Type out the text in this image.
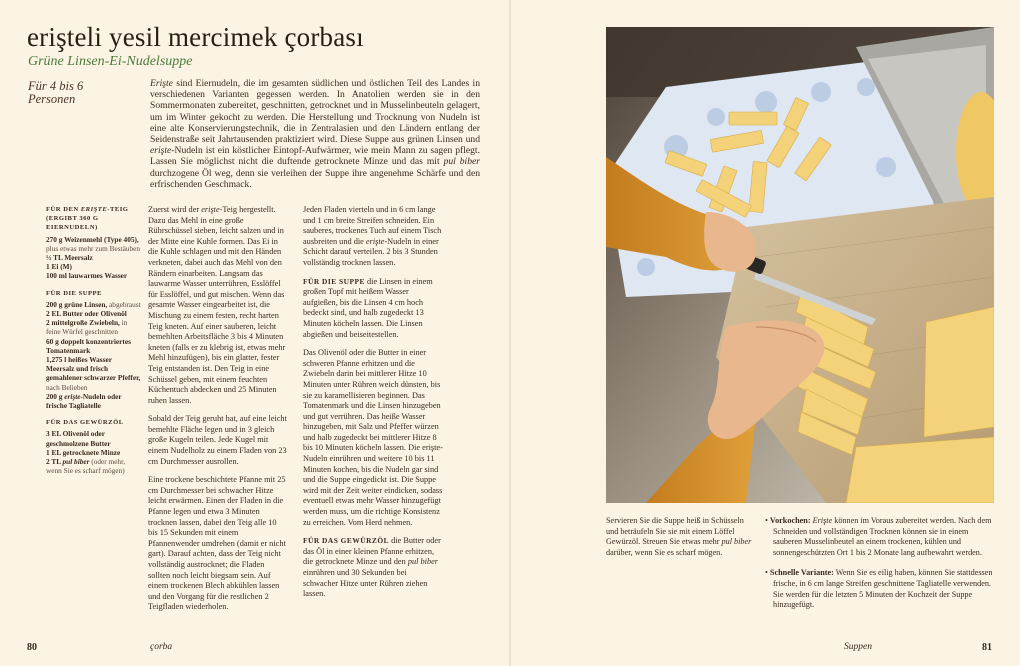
erişteli yesil mercimek çorbası
Grüne Linsen-Ei-Nudelsuppe
Für 4 bis 6
Personen
Erişte sind Eiernudeln, die im gesamten südlichen und östlichen Teil des Landes in verschiedenen Varianten gegessen werden. In Anatolien werden sie in den Sommermonaten zubereitet, geschnitten, getrocknet und in Musselinbeuteln gelagert, um im Winter gekocht zu werden. Die Herstellung und Trocknung von Nudeln ist eine alte Konservierungstechnik, die in Zentralasien und den Ländern entlang der Seidenstraße seit Jahrtausenden praktiziert wird. Diese Suppe aus grünen Linsen und erişte-Nudeln ist ein köstlicher Eintopf-Aufwärmer, wie mein Mann zu sagen pflegt. Lassen Sie möglichst nicht die duftende getrocknete Minze und das mit pul biber durchzogene Öl weg, denn sie verleihen der Suppe ihre angenehme Schärfe und den erfrischenden Geschmack.
FÜR DEN ERIŞTE-TEIG (ERGIBT 360 G EIERNUDELN)

270 g Weizenmehl (Type 405), plus etwas mehr zum Bestäuben

½ TL Meersalz

1 Ei (M)

100 ml lauwarmes Wasser

FÜR DIE SUPPE

200 g grüne Linsen, abgebraust

2 EL Butter oder Olivenöl

2 mittelgroße Zwiebeln, in feine Würfel geschnitten

60 g doppelt konzentriertes Tomatenmark

1,275 l heißes Wasser

Meersalz und frisch gemahlener schwarzer Pfeffer, nach Belieben

200 g erişte-Nudeln oder frische Tagliatelle

FÜR DAS GEWÜRZÖL

3 EL Olivenöl oder geschmolzene Butter

1 EL getrocknete Minze

2 TL pul biber (oder mehr, wenn Sie es scharf mögen)

Zuerst wird der erişte-Teig hergestellt. Dazu das Mehl in eine große Rührschüssel sieben, leicht salzen und in der Mitte eine Kuhle formen. Das Ei in die Kuhle schlagen und mit den Händen verkneten, dabei auch das Mehl von den Rändern einarbeiten. Langsam das lauwarme Wasser unterrühren, Esslöffel für Esslöffel, und gut mischen. Wenn das gesamte Wasser eingearbeitet ist, die Mischung zu einem festen, recht harten Teig kneten. Auf einer sauberen, leicht bemehlten Arbeitsfläche 3 bis 4 Minuten kneten (falls er zu klebrig ist, etwas mehr Mehl hinzufügen), bis ein glatter, fester Teig entstanden ist. Den Teig in eine Schüssel geben, mit einem feuchten Küchentuch abdecken und 25 Minuten ruhen lassen.

Sobald der Teig geruht hat, auf eine leicht bemehlte Fläche legen und in 3 gleich große Kugeln teilen. Jede Kugel mit einem Nudelholz zu einem Fladen von 23 cm Durchmesser ausrollen.

Eine trockene beschichtete Pfanne mit 25 cm Durchmesser bei schwacher Hitze leicht erwärmen. Einen der Fladen in die Pfanne legen und etwa 3 Minuten trocknen lassen, dabei den Teig alle 10 bis 15 Sekunden mit einem Pfannenwender umdrehen (damit er nicht gart). Darauf achten, dass der Teig nicht vollständig austrocknet; die Fladen sollten noch leicht biegsam sein. Auf einem trockenen Blech abkühlen lassen und den Vorgang für die restlichen 2 Teigfladen wiederholen.

Jeden Fladen vierteln und in 6 cm lange und 1 cm breite Streifen schneiden. Ein sauberes, trockenes Tuch auf einem Tisch ausbreiten und die erişte-Nudeln in einer Schicht darauf verteilen. 2 bis 3 Stunden vollständig trocknen lassen.

FÜR DIE SUPPE die Linsen in einem großen Topf mit heißem Wasser aufgießen, bis die Linsen 4 cm hoch bedeckt sind, und halb zugedeckt 13 Minuten köcheln lassen. Die Linsen abgießen und beiseitestellen.

Das Olivenöl oder die Butter in einer schweren Pfanne erhitzen und die Zwiebeln darin bei mittlerer Hitze 10 Minuten unter Rühren weich dünsten, bis sie zu karamellisieren beginnen. Das Tomatenmark und die Linsen hinzugeben und gut verrühren. Das heiße Wasser hinzugeben, mit Salz und Pfeffer würzen und halb zugedeckt bei mittlerer Hitze 8 bis 10 Minuten köcheln lassen. Die erişte-Nudeln einrühren und weitere 10 bis 11 Minuten kochen, bis die Nudeln gar sind und die Suppe eingedickt ist. Die Suppe wird mit der Zeit weiter eindicken, sodass eventuell etwas mehr Wasser hinzugefügt werden muss, um die richtige Konsistenz zu erreichen. Vom Herd nehmen.

FÜR DAS GEWÜRZÖL die Butter oder das Öl in einer kleinen Pfanne erhitzen, die getrocknete Minze und den pul biber einrühren und 30 Sekunden bei schwacher Hitze unter Rühren ziehen lassen.

80	çorba
Servieren Sie die Suppe heiß in Schüsseln und beträufeln Sie sie mit einem Löffel Gewürzöl. Streuen Sie etwas mehr pul biber darüber, wenn Sie es scharf mögen.

• Vorkochen: Erişte können im Voraus zubereitet werden. Nach dem Schneiden und vollständigen Trocknen können sie in einem sauberen Musselinbeutel an einem trockenen, kühlen und sonnengeschützten Ort 1 bis 2 Monate lang aufbewahrt werden.

• Schnelle Variante: Wenn Sie es eilig haben, können Sie stattdessen frische, in 6 cm lange Streifen geschnittene Tagliatelle verwenden. Sie werden für die letzten 5 Minuten der Kochzeit der Suppe hinzugefügt.

Suppen	81
